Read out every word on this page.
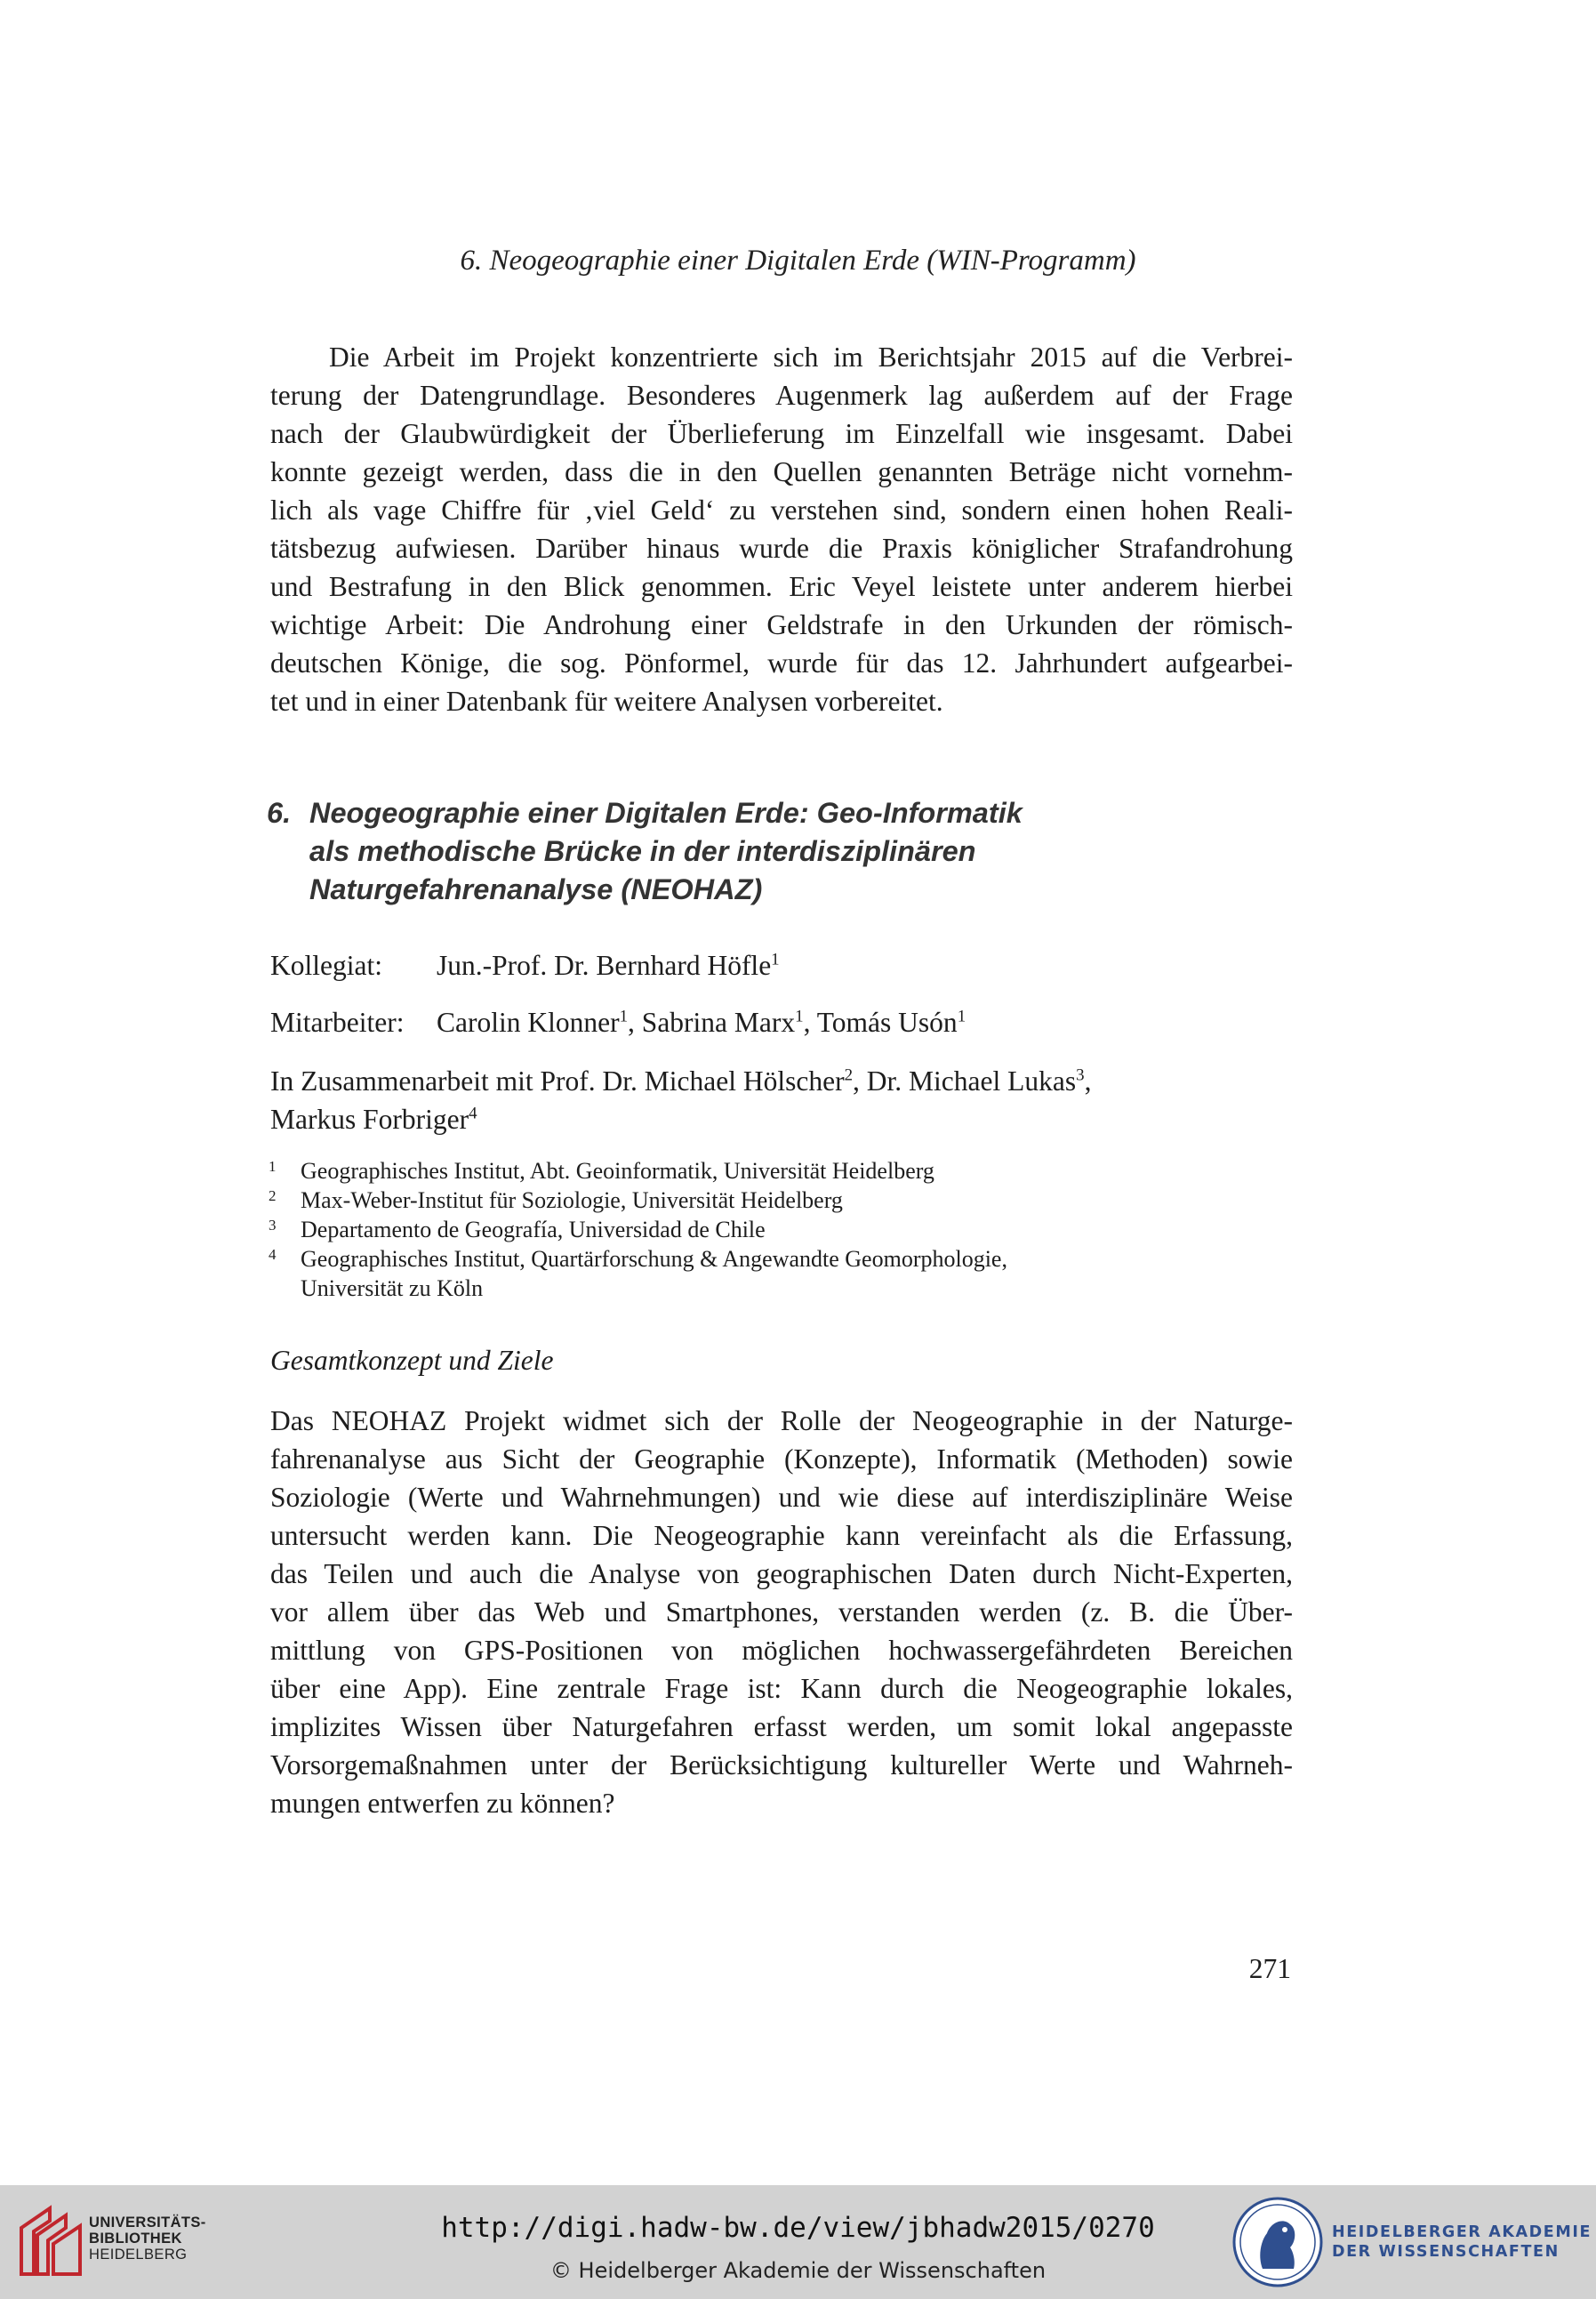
6. Neogeographie einer Digitalen Erde (WIN-Programm)
Die Arbeit im Projekt konzentrierte sich im Berichtsjahr 2015 auf die Verbrei-
terung der Datengrundlage. Besonderes Augenmerk lag außerdem auf der Frage
nach der Glaubwürdigkeit der Überlieferung im Einzelfall wie insgesamt. Dabei
konnte gezeigt werden, dass die in den Quellen genannten Beträge nicht vornehm-
lich als vage Chiffre für ‚viel Geld‘ zu verstehen sind, sondern einen hohen Reali-
tätsbezug aufwiesen. Darüber hinaus wurde die Praxis königlicher Strafandrohung
und Bestrafung in den Blick genommen. Eric Veyel leistete unter anderem hierbei
wichtige Arbeit: Die Androhung einer Geldstrafe in den Urkunden der römisch-
deutschen Könige, die sog. Pönformel, wurde für das 12. Jahrhundert aufgearbei-
tet und in einer Datenbank für weitere Analysen vorbereitet.
6. Neogeographie einer Digitalen Erde: Geo-Informatik
als methodische Brücke in der interdisziplinären
Naturgefahrenanalyse (NEOHAZ)

Kollegiat: Jun.-Prof. Dr. Bernhard Höfle$^1$

Mitarbeiter: Carolin Klonner$^1$, Sabrina Marx$^1$, Tomás Usón$^1$

In Zusammenarbeit mit Prof. Dr. Michael Hölscher$^2$, Dr. Michael Lukas$^3$,
Markus Forbriger$^4$
1	Geographisches Institut, Abt. Geoinformatik, Universität Heidelberg
2	Max-Weber-Institut für Soziologie, Universität Heidelberg
3	Departamento de Geografía, Universidad de Chile
4	Geographisches Institut, Quartärforschung & Angewandte Geomorphologie,
Universität zu Köln
Gesamtkonzept und Ziele
Das NEOHAZ Projekt widmet sich der Rolle der Neogeographie in der Naturge-
fahrenanalyse aus Sicht der Geographie (Konzepte), Informatik (Methoden) sowie
Soziologie (Werte und Wahrnehmungen) und wie diese auf interdisziplinäre Weise
untersucht werden kann. Die Neogeographie kann vereinfacht als die Erfassung,
das Teilen und auch die Analyse von geographischen Daten durch Nicht-Experten,
vor allem über das Web und Smartphones, verstanden werden (z. B. die Über-
mittlung von GPS-Positionen von möglichen hochwassergefährdeten Bereichen
über eine App). Eine zentrale Frage ist: Kann durch die Neogeographie lokales,
implizites Wissen über Naturgefahren erfasst werden, um somit lokal angepasste
Vorsorgemaßnahmen unter der Berücksichtigung kultureller Werte und Wahrneh-
mungen entwerfen zu können?
271
UNIVERSITÄTS-
BIBLIOTHEK
HEIDELBERG
http://digi.hadw-bw.de/view/jbhadw2015/0270
© Heidelberger Akademie der Wissenschaften
HEIDELBERGER AKADEMIE
DER WISSENSCHAFTEN
